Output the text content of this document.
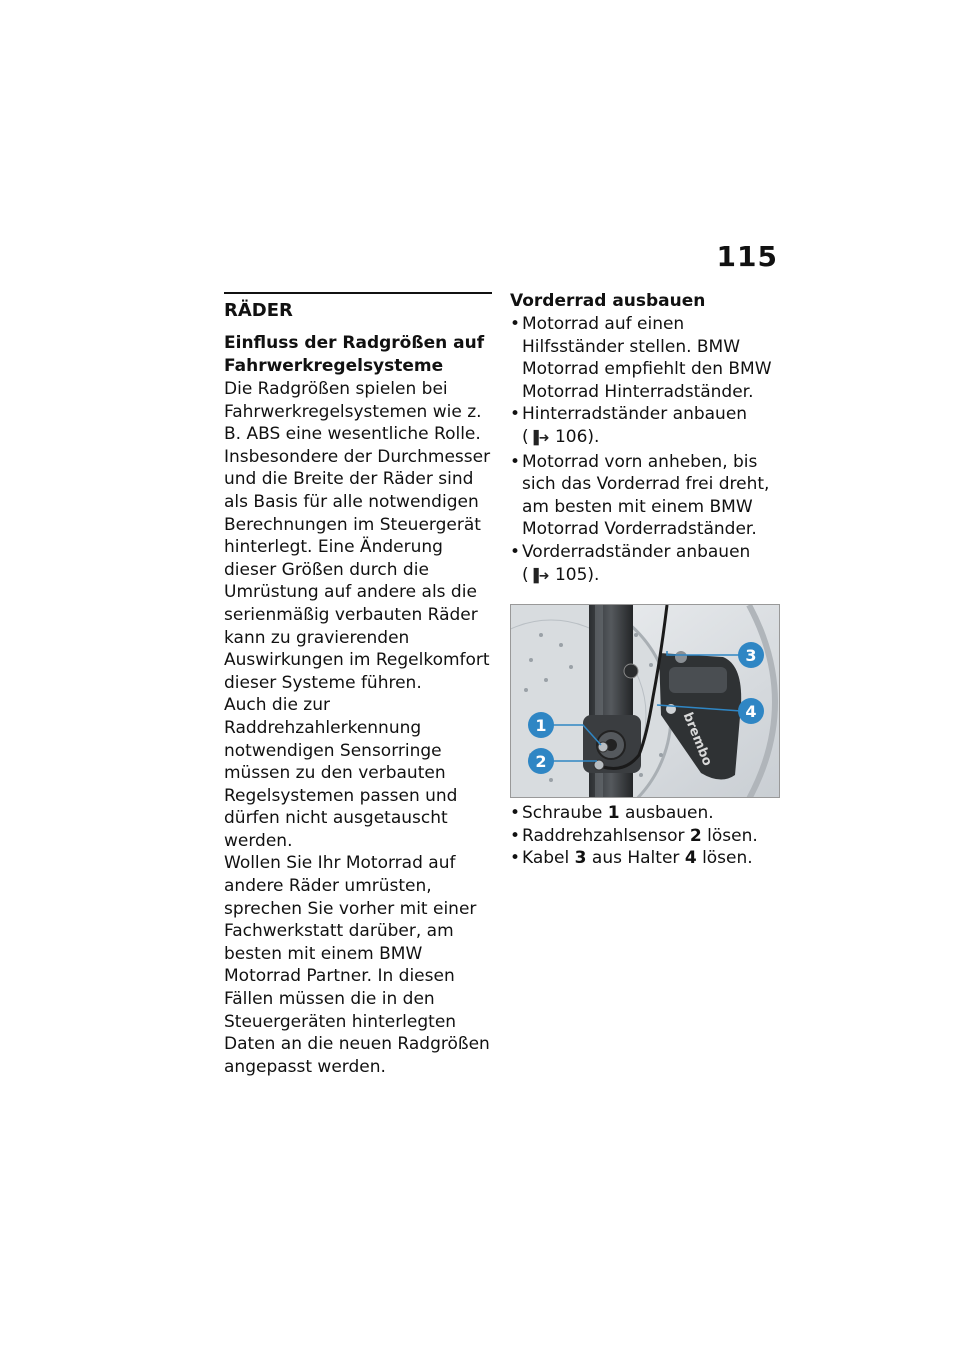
115
RÄDER
Einfluss der Radgrößen auf
Fahrwerkregelsysteme

Die Radgrößen spielen bei Fahrwerkregelsystemen wie z. B. ABS eine wesentliche Rolle. Insbesondere der Durchmesser und die Breite der Räder sind als Basis für alle notwendigen Berechnungen im Steuergerät hinterlegt. Eine Änderung dieser Größen durch die Umrüstung auf andere als die serienmäßig verbauten Räder kann zu gravierenden Auswirkungen im Regelkomfort dieser Systeme führen.

Auch die zur Raddrehzahlerkennung notwendigen Sensorringe müssen zu den verbauten Regelsystemen passen und dürfen nicht ausgetauscht werden.

Wollen Sie Ihr Motorrad auf andere Räder umrüsten, sprechen Sie vorher mit einer Fachwerkstatt darüber, am besten mit einem BMW Motorrad Partner. In diesen Fällen müssen die in den Steuergeräten hinterlegten Daten an die neuen Radgrößen angepasst werden.

Vorderrad ausbauen
• Motorrad auf einen Hilfsständer stellen. BMW Motorrad empfiehlt den BMW Motorrad Hinterradständer.
• Hinterradständer anbauen
(▐➜ 106).
• Motorrad vorn anheben, bis sich das Vorderrad frei dreht, am besten mit einem BMW Motorrad Vorderradständer.
• Vorderradständer anbauen
(▐➜ 105).
brembo
1
2
3
4
• Schraube 1 ausbauen.
• Raddrehzahlsensor 2 lösen.
• Kabel 3 aus Halter 4 lösen.
